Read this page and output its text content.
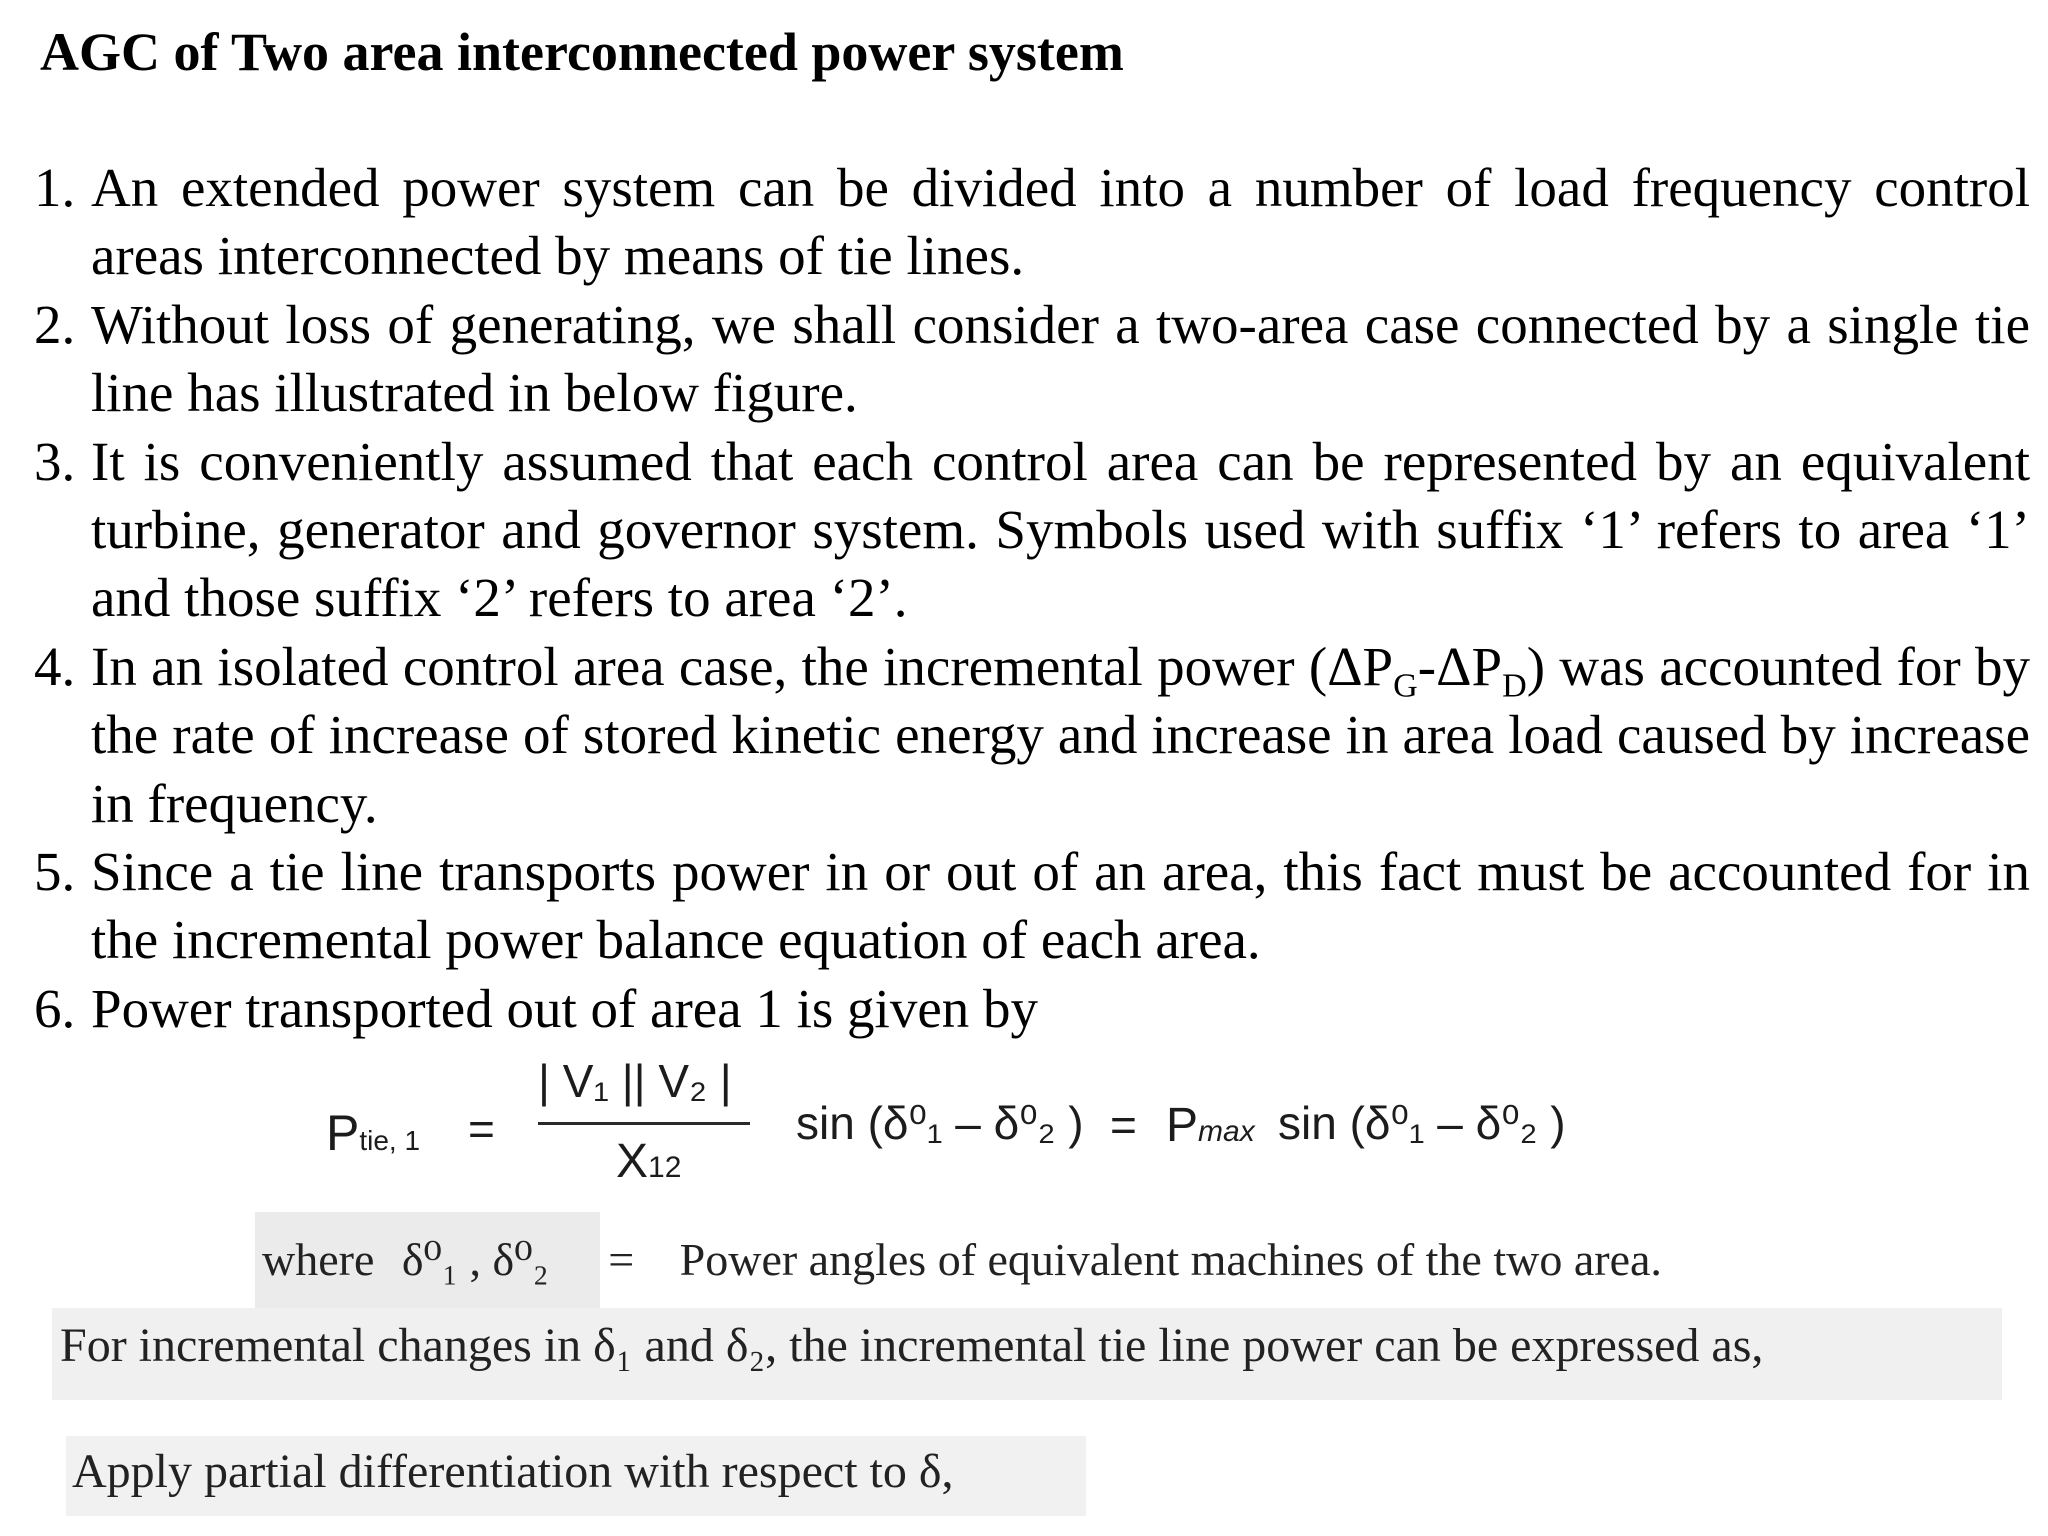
AGC of Two area interconnected power system
1. An extended power system can be divided into a number of load frequency control areas interconnected by means of tie lines.
2. Without loss of generating, we shall consider a two-area case connected by a single tie line has illustrated in below figure.
3. It is conveniently assumed that each control area can be represented by an equivalent turbine, generator and governor system. Symbols used with suffix ‘1’ refers to area ‘1’ and those suffix ‘2’ refers to area ‘2’.
4. In an isolated control area case, the incremental power $(\Delta P_G-\Delta P_D)$ was accounted for by the rate of increase of stored kinetic energy and increase in area load caused by increase in frequency.
5. Since a tie line transports power in or out of an area, this fact must be accounted for in the incremental power balance equation of each area.
6. Power transported out of area 1 is given by
Ptie, 1 =
| V₁ || V₂ |
X12
sin (δ⁰₁ – δ⁰₂ ) = Pmax sin (δ⁰₁ – δ⁰₂ )
where δ⁰₁ , δ⁰₂ = Power angles of equivalent machines of the two area.
For incremental changes in δ₁ and δ₂, the incremental tie line power can be expressed as,
Apply partial differentiation with respect to δ,
